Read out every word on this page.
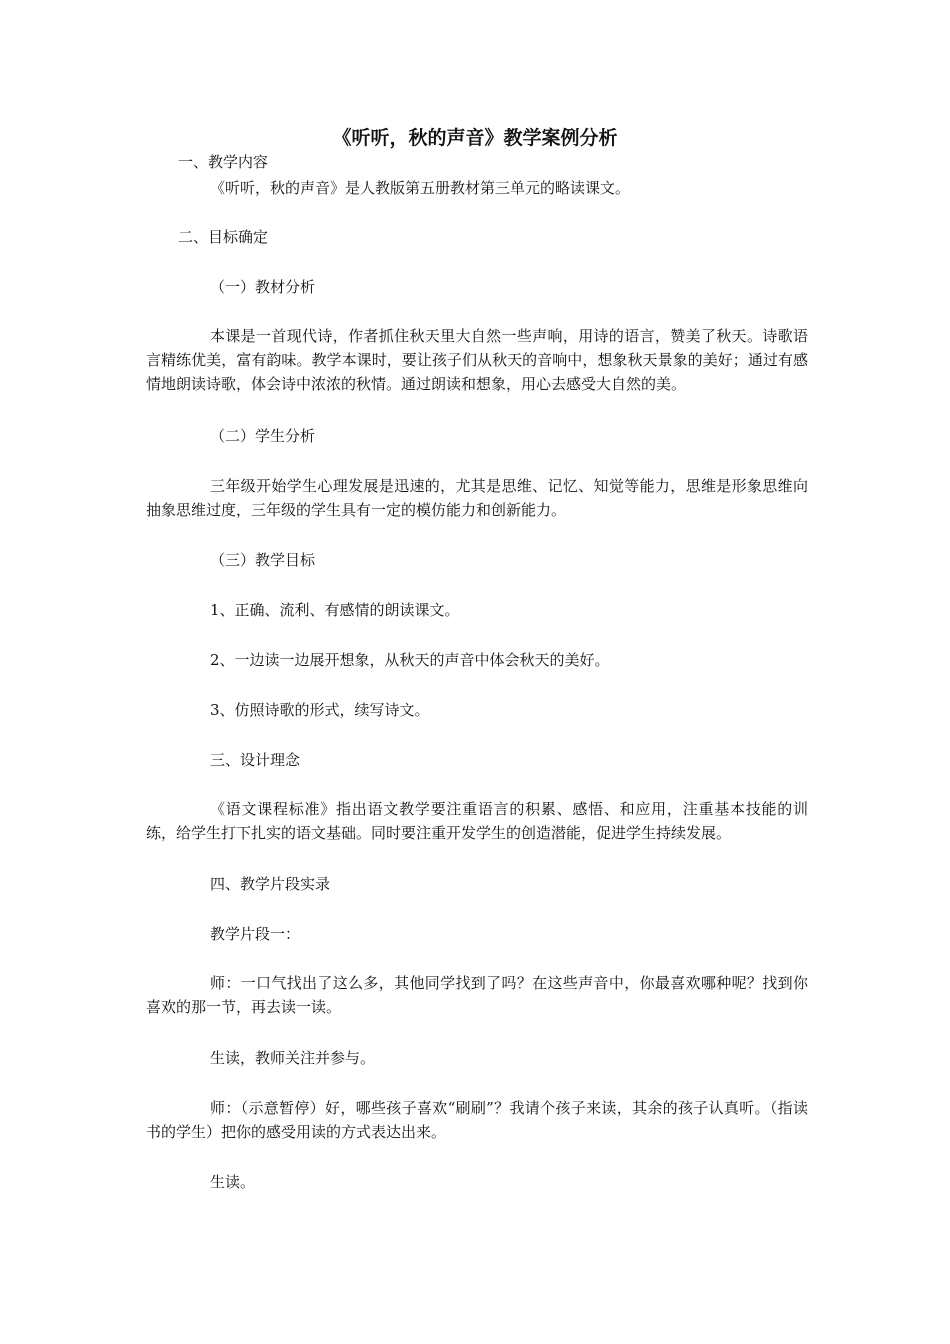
《听听，秋的声音》教学案例分析
一、教学内容
《听听，秋的声音》是人教版第五册教材第三单元的略读课文。
二、目标确定
（一）教材分析
本课是一首现代诗，作者抓住秋天里大自然一些声响，用诗的语言，赞美了秋天。诗歌语言精练优美，富有韵味。教学本课时，要让孩子们从秋天的音响中，想象秋天景象的美好；通过有感情地朗读诗歌，体会诗中浓浓的秋情。通过朗读和想象，用心去感受大自然的美。
（二）学生分析
三年级开始学生心理发展是迅速的，尤其是思维、记忆、知觉等能力，思维是形象思维向抽象思维过度，三年级的学生具有一定的模仿能力和创新能力。
（三）教学目标
1、正确、流利、有感情的朗读课文。
2、一边读一边展开想象，从秋天的声音中体会秋天的美好。
3、仿照诗歌的形式，续写诗文。
三、设计理念
《语文课程标准》指出语文教学要注重语言的积累、感悟、和应用，注重基本技能的训练，给学生打下扎实的语文基础。同时要注重开发学生的创造潜能，促进学生持续发展。
四、教学片段实录
教学片段一：
师：一口气找出了这么多，其他同学找到了吗？在这些声音中，你最喜欢哪种呢？找到你喜欢的那一节，再去读一读。
生读，教师关注并参与。
师：（示意暂停）好，哪些孩子喜欢“刷刷”？我请个孩子来读，其余的孩子认真听。（指读书的学生）把你的感受用读的方式表达出来。
生读。
